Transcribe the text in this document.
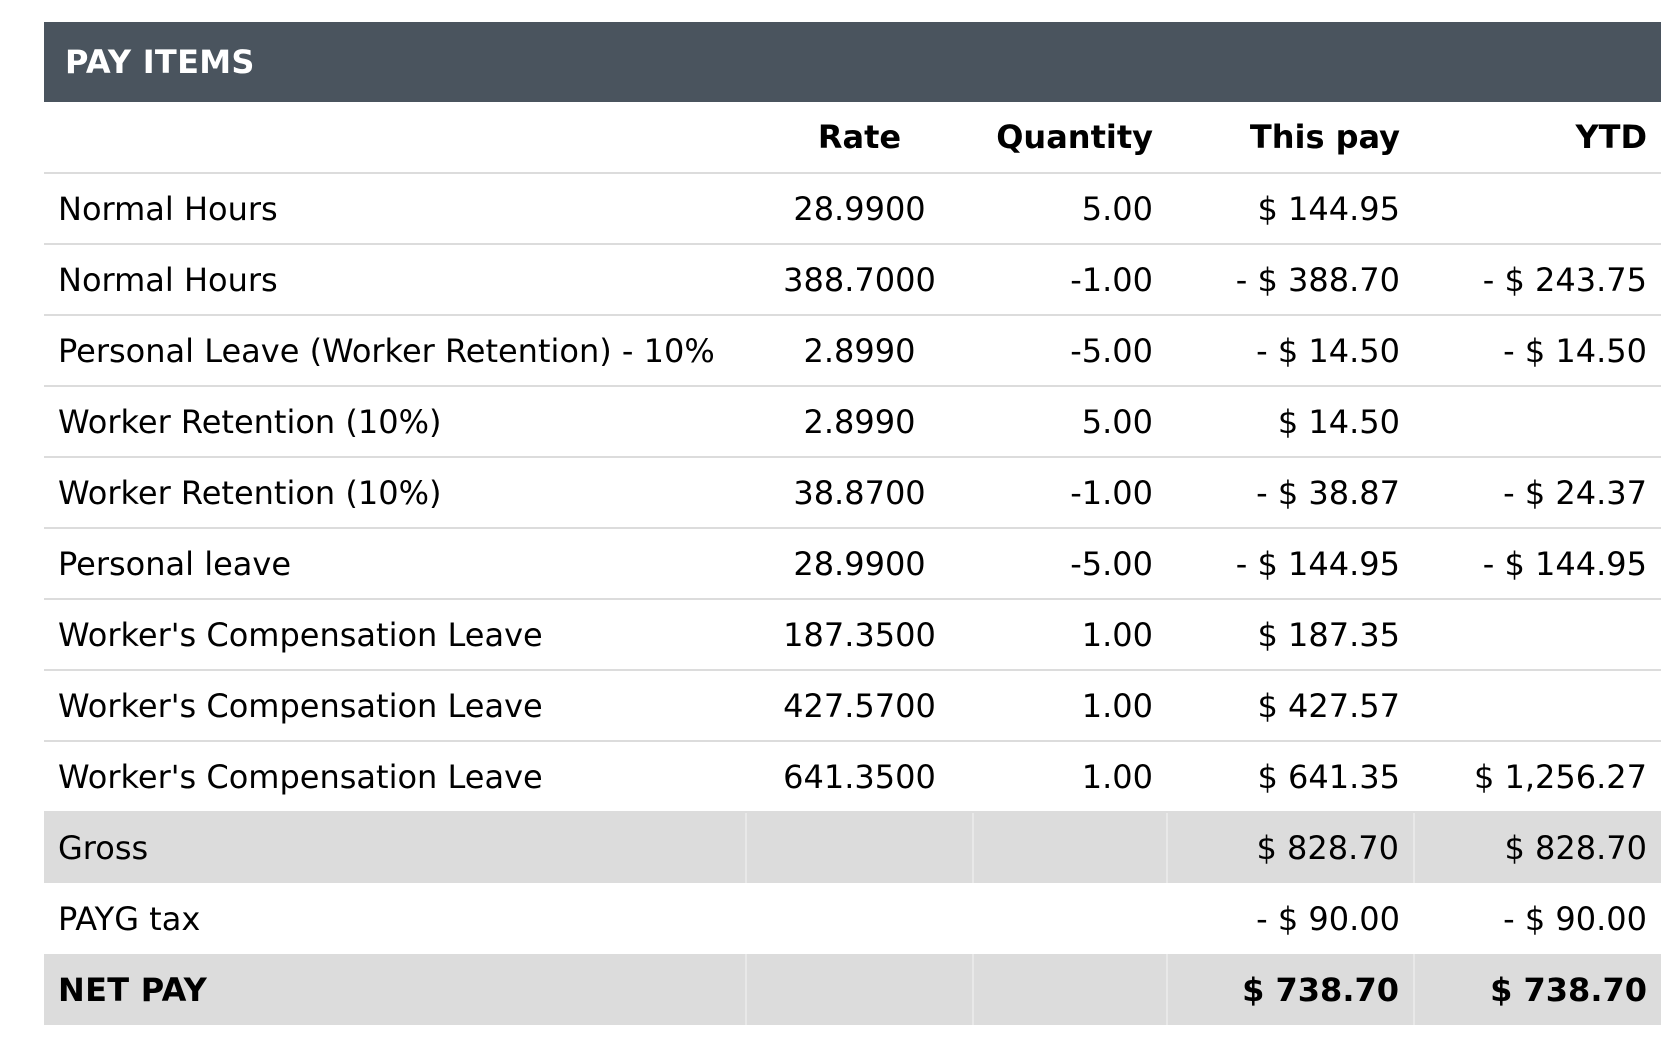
PAY ITEMS
	Rate	Quantity	This pay	YTD
Normal Hours	28.9900	5.00	$ 144.95	
Normal Hours	388.7000	-1.00	- $ 388.70	- $ 243.75
Personal Leave (Worker Retention) - 10%	2.8990	-5.00	- $ 14.50	- $ 14.50
Worker Retention (10%)	2.8990	5.00	$ 14.50	
Worker Retention (10%)	38.8700	-1.00	- $ 38.87	- $ 24.37
Personal leave	28.9900	-5.00	- $ 144.95	- $ 144.95
Worker's Compensation Leave	187.3500	1.00	$ 187.35	
Worker's Compensation Leave	427.5700	1.00	$ 427.57	
Worker's Compensation Leave	641.3500	1.00	$ 641.35	$ 1,256.27
Gross			$ 828.70	$ 828.70
PAYG tax			- $ 90.00	- $ 90.00
NET PAY			$ 738.70	$ 738.70
